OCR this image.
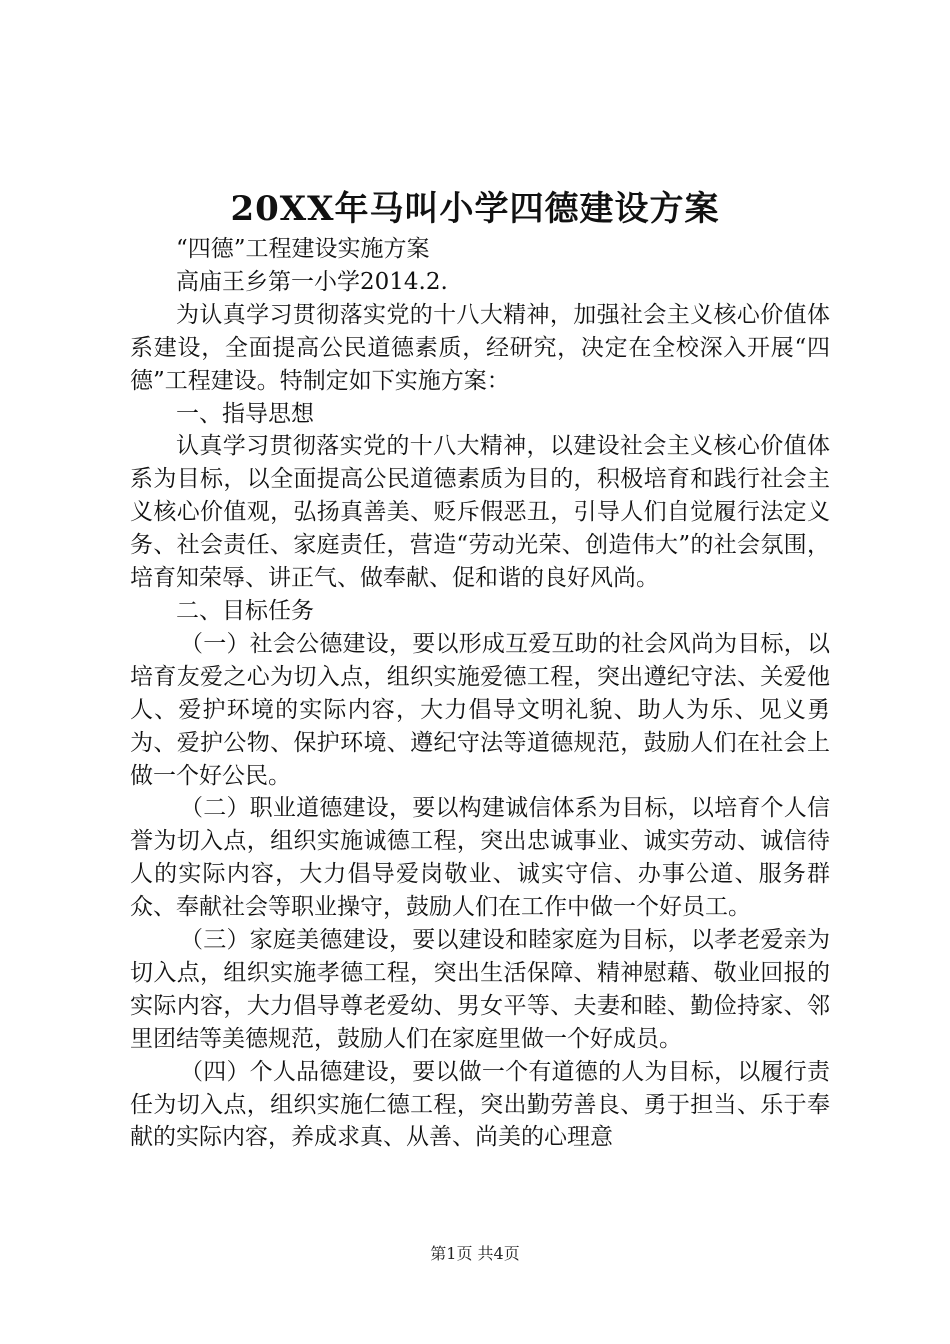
20XX年马叫小学四德建设方案

“四德”工程建设实施方案

高庙王乡第一小学2014.2.

为认真学习贯彻落实党的十八大精神，加强社会主义核心价值体系建设，全面提高公民道德素质，经研究，决定在全校深入开展“四德”工程建设。特制定如下实施方案：

一、指导思想

认真学习贯彻落实党的十八大精神，以建设社会主义核心价值体系为目标，以全面提高公民道德素质为目的，积极培育和践行社会主义核心价值观，弘扬真善美、贬斥假恶丑，引导人们自觉履行法定义务、社会责任、家庭责任，营造“劳动光荣、创造伟大”的社会氛围，培育知荣辱、讲正气、做奉献、促和谐的良好风尚。

二、目标任务

（一）社会公德建设，要以形成互爱互助的社会风尚为目标，以培育友爱之心为切入点，组织实施爱德工程，突出遵纪守法、关爱他人、爱护环境的实际内容，大力倡导文明礼貌、助人为乐、见义勇为、爱护公物、保护环境、遵纪守法等道德规范，鼓励人们在社会上做一个好公民。

（二）职业道德建设，要以构建诚信体系为目标，以培育个人信誉为切入点，组织实施诚德工程，突出忠诚事业、诚实劳动、诚信待人的实际内容，大力倡导爱岗敬业、诚实守信、办事公道、服务群众、奉献社会等职业操守，鼓励人们在工作中做一个好员工。

（三）家庭美德建设，要以建设和睦家庭为目标，以孝老爱亲为切入点，组织实施孝德工程，突出生活保障、精神慰藉、敬业回报的实际内容，大力倡导尊老爱幼、男女平等、夫妻和睦、勤俭持家、邻里团结等美德规范，鼓励人们在家庭里做一个好成员。

（四）个人品德建设，要以做一个有道德的人为目标，以履行责任为切入点，组织实施仁德工程，突出勤劳善良、勇于担当、乐于奉献的实际内容，养成求真、从善、尚美的心理意

第1页 共4页
